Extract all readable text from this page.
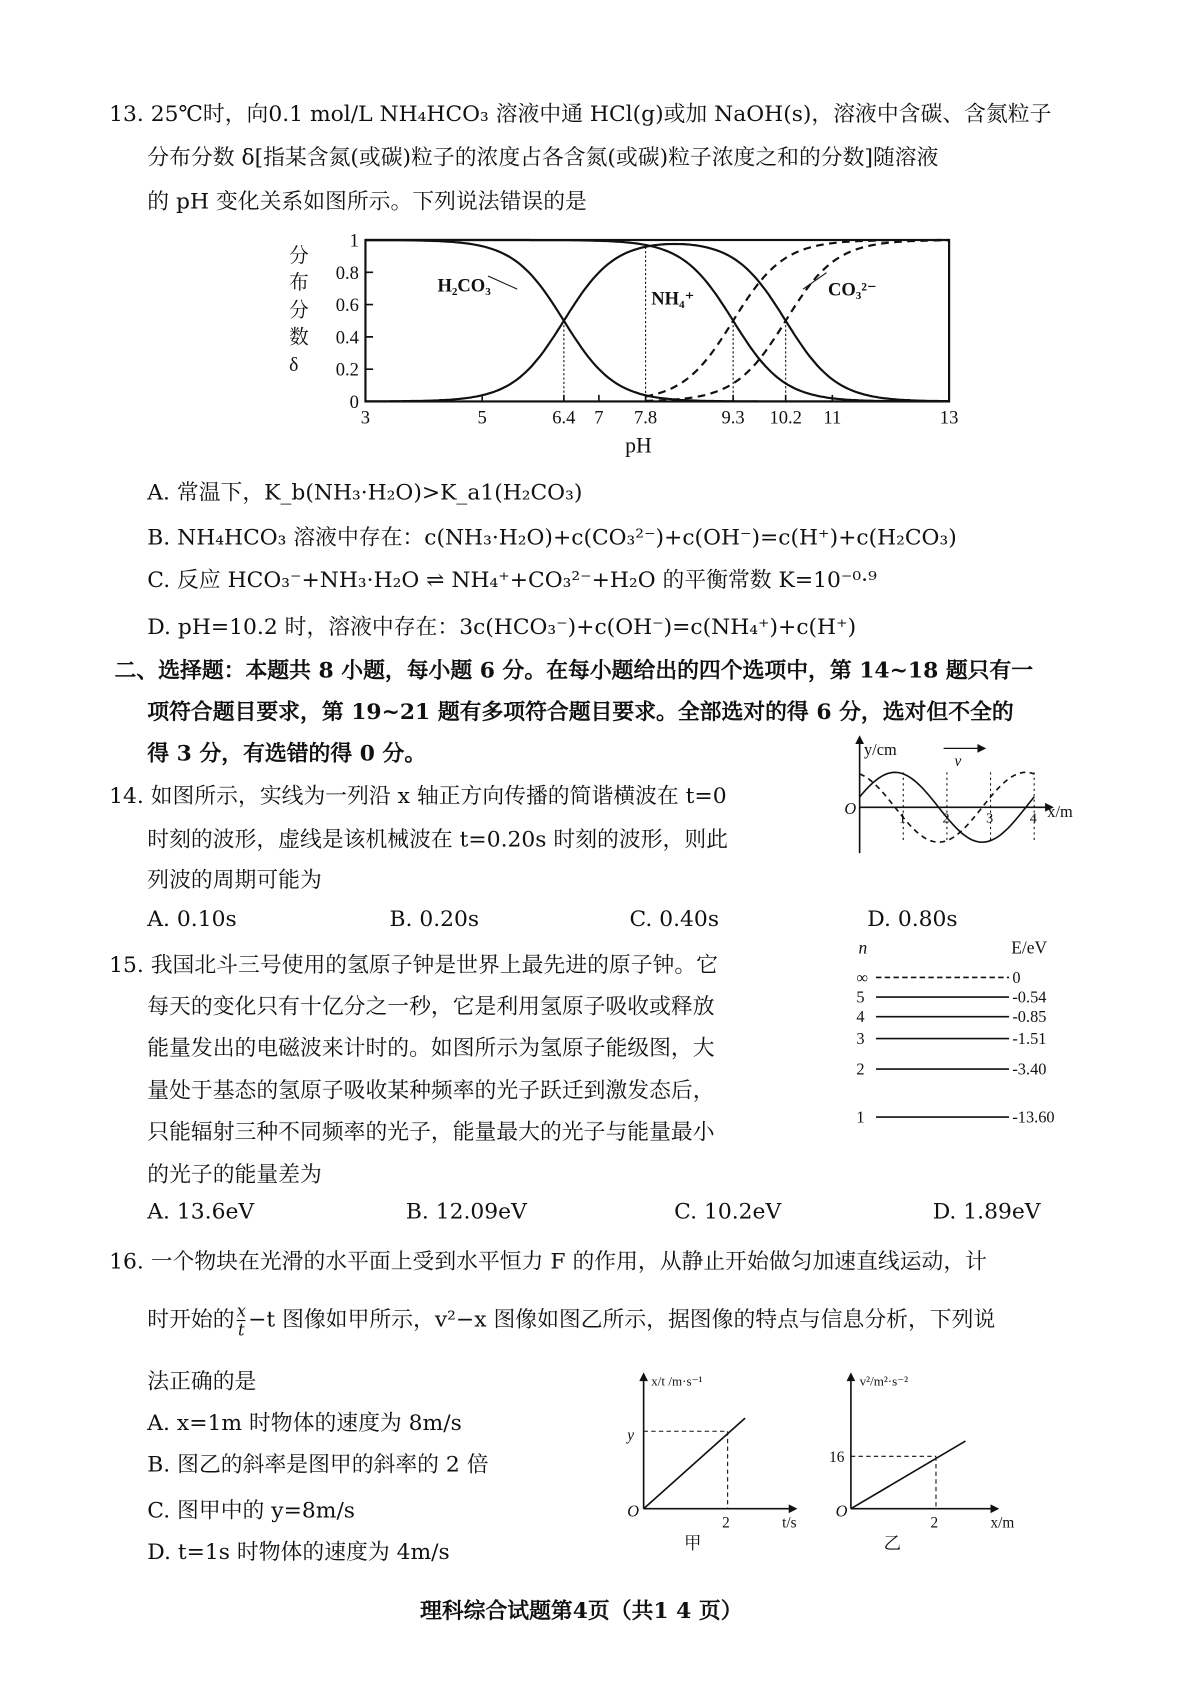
13. 25℃时，向0.1 mol/L NH₄HCO₃ 溶液中通 HCl(g)或加 NaOH(s)，溶液中含碳、含氮粒子
分布分数 δ[指某含氮(或碳)粒子的浓度占各含氮(或碳)粒子浓度之和的分数]随溶液
的 pH 变化关系如图所示。下列说法错误的是
分
布
分
数
δ
0
0.2
0.4
0.6
0.8
1
3	5	6.4 7 7.8	9.3 10.2 11	13
H₂CO₃
NH₄⁺	CO₃²⁻
pH
A. 常温下，K_b(NH₃·H₂O)>K_a1(H₂CO₃)
B. NH₄HCO₃ 溶液中存在：c(NH₃·H₂O)+c(CO₃²⁻)+c(OH⁻)=c(H⁺)+c(H₂CO₃)
C. 反应 HCO₃⁻+NH₃·H₂O ⇌ NH₄⁺+CO₃²⁻+H₂O 的平衡常数 K=10⁻⁰·⁹
D. pH=10.2 时，溶液中存在：3c(HCO₃⁻)+c(OH⁻)=c(NH₄⁺)+c(H⁺)
二、选择题：本题共 8 小题，每小题 6 分。在每小题给出的四个选项中，第 14~18 题只有一
项符合题目要求，第 19~21 题有多项符合题目要求。全部选对的得 6 分，选对但不全的
得 3 分，有选错的得 0 分。
14. 如图所示，实线为一列沿 x 轴正方向传播的简谐横波在 t=0
时刻的波形，虚线是该机械波在 t=0.20s 时刻的波形，则此
列波的周期可能为
A. 0.10s	B. 0.20s	C. 0.40s	D. 0.80s
y/cm
v
O	x/m
1	2	3	4
15. 我国北斗三号使用的氢原子钟是世界上最先进的原子钟。它
每天的变化只有十亿分之一秒，它是利用氢原子吸收或释放
能量发出的电磁波来计时的。如图所示为氢原子能级图，大
量处于基态的氢原子吸收某种频率的光子跃迁到激发态后，
只能辐射三种不同频率的光子，能量最大的光子与能量最小
的光子的能量差为
A. 13.6eV	B. 12.09eV	C. 10.2eV	D. 1.89eV
n	E/eV
∞	0
5	-0.54
4	-0.85
3	-1.51
2	-3.40
1	-13.60
16. 一个物块在光滑的水平面上受到水平恒力 F 的作用，从静止开始做匀加速直线运动，计
时开始的 $\frac{x}{t} -t$ 图像如甲所示，v²−x 图像如图乙所示，据图像的特点与信息分析，下列说
法正确的是
A. x=1m 时物体的速度为 8m/s
B. 图乙的斜率是图甲的斜率的 2 倍
C. 图甲中的 y=8m/s
D. t=1s 时物体的速度为 4m/s
x/t /m·s⁻¹
y
O
2	t/s
甲
v²/m²·s⁻²
16
O
2	x/m
乙
理科综合试题第4页（共1 4 页）
